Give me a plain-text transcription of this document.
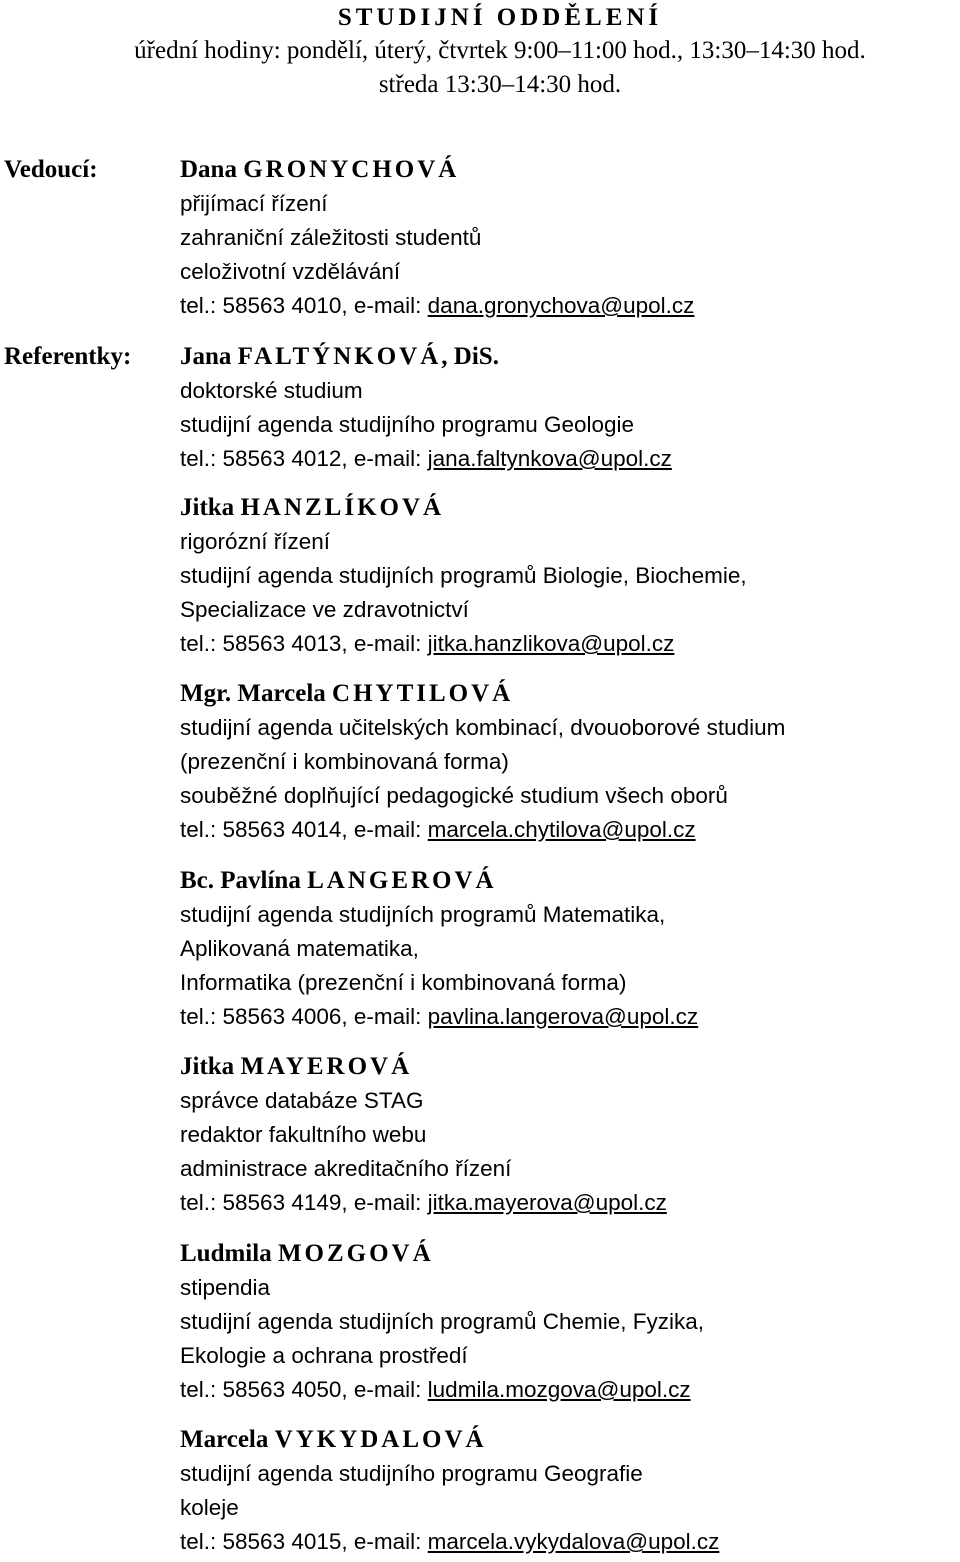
STUDIJNÍ ODDĚLENÍ
úřední hodiny: pondělí, úterý, čtvrtek 9:00–11:00 hod., 13:30–14:30 hod.
středa 13:30–14:30 hod.
Vedoucí:
Referentky:
Dana GRONYCHOVÁ
přijímací řízení
zahraniční záležitosti studentů
celoživotní vzdělávání
tel.: 58563 4010, e-mail: dana.gronychova@upol.cz
Jana FALTÝNKOVÁ, DiS.
doktorské studium
studijní agenda studijního programu Geologie
tel.: 58563 4012, e-mail: jana.faltynkova@upol.cz
Jitka HANZLÍKOVÁ
rigorózní řízení
studijní agenda studijních programů Biologie, Biochemie,
Specializace ve zdravotnictví
tel.: 58563 4013, e-mail: jitka.hanzlikova@upol.cz
Mgr. Marcela CHYTILOVÁ
studijní agenda učitelských kombinací, dvouoborové studium
(prezenční i kombinovaná forma)
souběžné doplňující pedagogické studium všech oborů
tel.: 58563 4014, e-mail: marcela.chytilova@upol.cz
Bc. Pavlína LANGEROVÁ
studijní agenda studijních programů Matematika,
Aplikovaná matematika,
Informatika (prezenční i kombinovaná forma)
tel.: 58563 4006, e-mail: pavlina.langerova@upol.cz
Jitka MAYEROVÁ
správce databáze STAG
redaktor fakultního webu
administrace akreditačního řízení
tel.: 58563 4149, e-mail: jitka.mayerova@upol.cz
Ludmila MOZGOVÁ
stipendia
studijní agenda studijních programů Chemie, Fyzika,
Ekologie a ochrana prostředí
tel.: 58563 4050, e-mail: ludmila.mozgova@upol.cz
Marcela VYKYDALOVÁ
studijní agenda studijního programu Geografie
koleje
tel.: 58563 4015, e-mail: marcela.vykydalova@upol.cz
